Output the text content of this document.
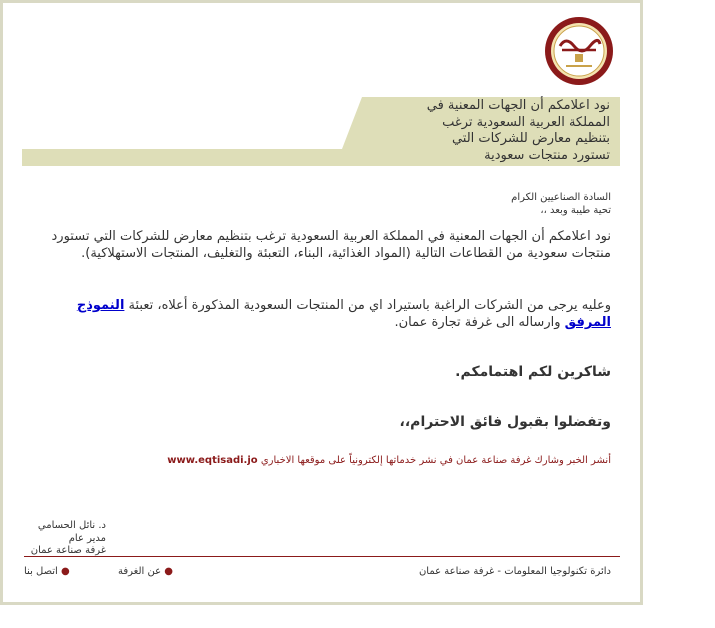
نود اعلامكم أن الجهات المعنية في
المملكة العربية السعودية ترغب
بتنظيم معارض للشركات التي
تستورد منتجات سعودية
السادة الصناعيين الكرام
تحية طيبة وبعد ،،
نود اعلامكم أن الجهات المعنية في المملكة العربية السعودية ترغب بتنظيم معارض للشركات التي تستورد منتجات سعودية من القطاعات التالية (المواد الغذائية، البناء، التعبئة والتغليف، المنتجات الاستهلاكية).
وعليه يرجى من الشركات الراغبة باستيراد اي من المنتجات السعودية المذكورة أعلاه، تعبئة النموذج المرفق وارساله الى غرفة تجارة عمان.
شاكرين لكم اهتمامكم.
وتفضلوا بقبول فائق الاحترام،،
أنشر الخبر وشارك غرفة صناعة عمان في نشر خدماتها إلكترونياً على موقعها الاخباري www.eqtisadi.jo
د. نائل الحسامي
مدير عام
غرفة صناعة عمان
دائرة تكنولوجيا المعلومات - غرفة صناعة عمان
● عن الغرفة
● اتصل بنا
